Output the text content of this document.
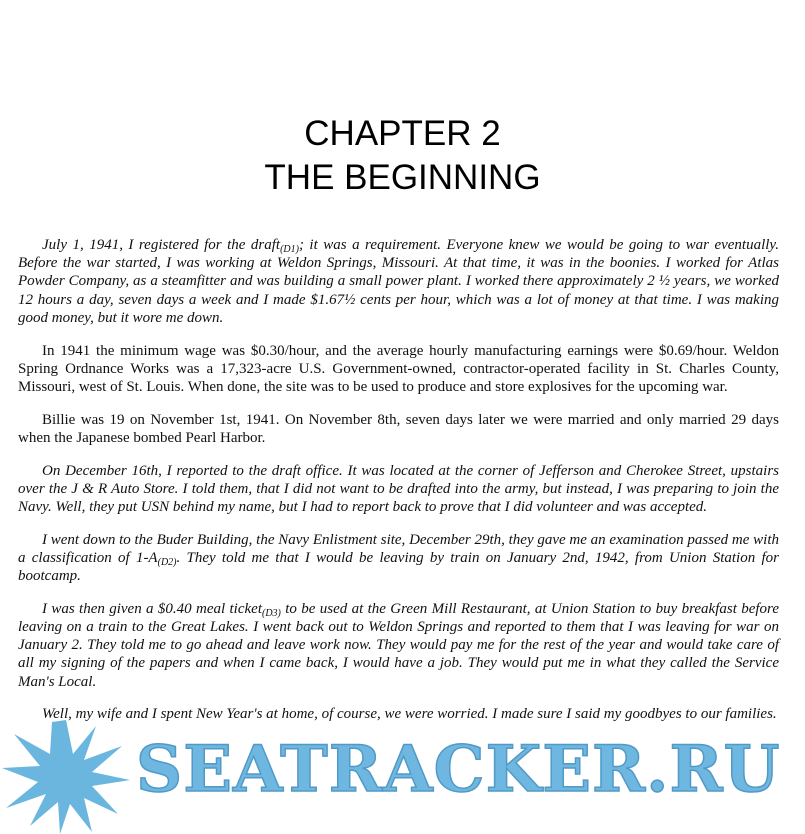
CHAPTER 2
THE BEGINNING

July 1, 1941, I registered for the draft$_{(D1)}$; it was a requirement. Everyone knew we would be going to war eventually. Before the war started, I was working at Weldon Springs, Missouri. At that time, it was in the boonies. I worked for Atlas Powder Company, as a steamfitter and was building a small power plant. I worked there approximately 2 ½ years, we worked 12 hours a day, seven days a week and I made $1.67½ cents per hour, which was a lot of money at that time. I was making good money, but it wore me down.

In 1941 the minimum wage was $0.30/hour, and the average hourly manufacturing earnings were $0.69/hour. Weldon Spring Ordnance Works was a 17,323-acre U.S. Government-owned, contractor-operated facility in St. Charles County, Missouri, west of St. Louis. When done, the site was to be used to produce and store explosives for the upcoming war.

Billie was 19 on November 1st, 1941. On November 8th, seven days later we were married and only married 29 days when the Japanese bombed Pearl Harbor.

On December 16th, I reported to the draft office. It was located at the corner of Jefferson and Cherokee Street, upstairs over the J & R Auto Store. I told them, that I did not want to be drafted into the army, but instead, I was preparing to join the Navy. Well, they put USN behind my name, but I had to report back to prove that I did volunteer and was accepted.

I went down to the Buder Building, the Navy Enlistment site, December 29th, they gave me an examination passed me with a classification of $1-A_{(D2)}$. They told me that I would be leaving by train on January 2nd, 1942, from Union Station for bootcamp.

I was then given a $0.40 meal ticket$_{(D3)}$ to be used at the Green Mill Restaurant, at Union Station to buy breakfast before leaving on a train to the Great Lakes. I went back out to Weldon Springs and reported to them that I was leaving for war on January 2. They told me to go ahead and leave work now. They would pay me for the rest of the year and would take care of all my signing of the papers and when I came back, I would have a job. They would put me in what they called the Service Man's Local.

Well, my wife and I spent New Year's at home, of course, we were worried. I made sure I said my goodbyes to our families.

SEATRACKER.RU
